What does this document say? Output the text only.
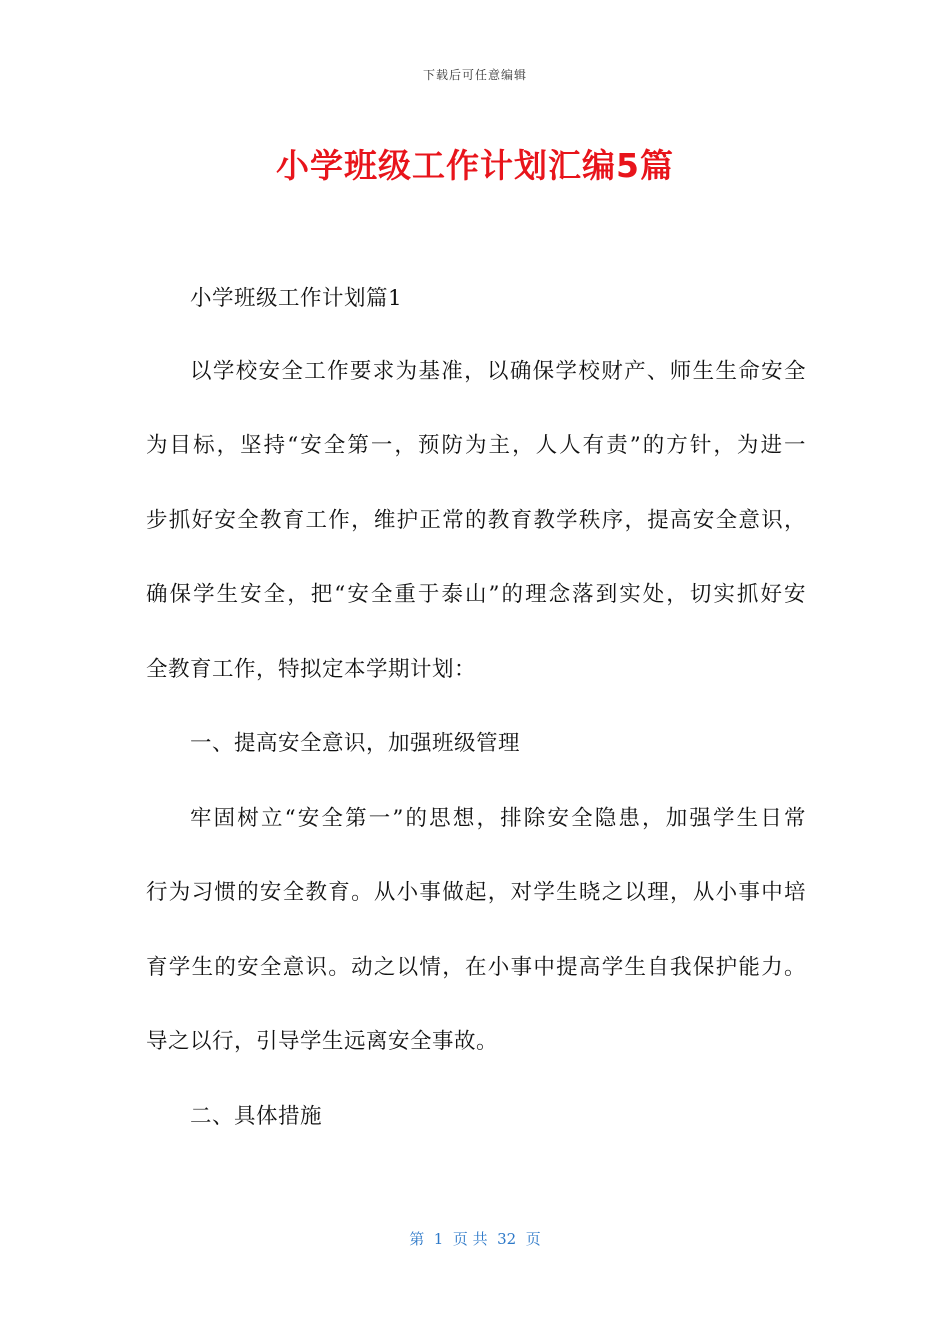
下载后可任意编辑
小学班级工作计划汇编5篇
小学班级工作计划篇1
以学校安全工作要求为基准，以确保学校财产、师生生命安全
为目标，坚持“安全第一，预防为主，人人有责”的方针，为进一
步抓好安全教育工作，维护正常的教育教学秩序，提高安全意识，
确保学生安全，把“安全重于泰山”的理念落到实处，切实抓好安
全教育工作，特拟定本学期计划：
一、提高安全意识，加强班级管理
牢固树立“安全第一”的思想，排除安全隐患，加强学生日常
行为习惯的安全教育。从小事做起，对学生晓之以理，从小事中培
育学生的安全意识。动之以情，在小事中提高学生自我保护能力。
导之以行，引导学生远离安全事故。
二、具体措施
第  1  页 共  32  页
